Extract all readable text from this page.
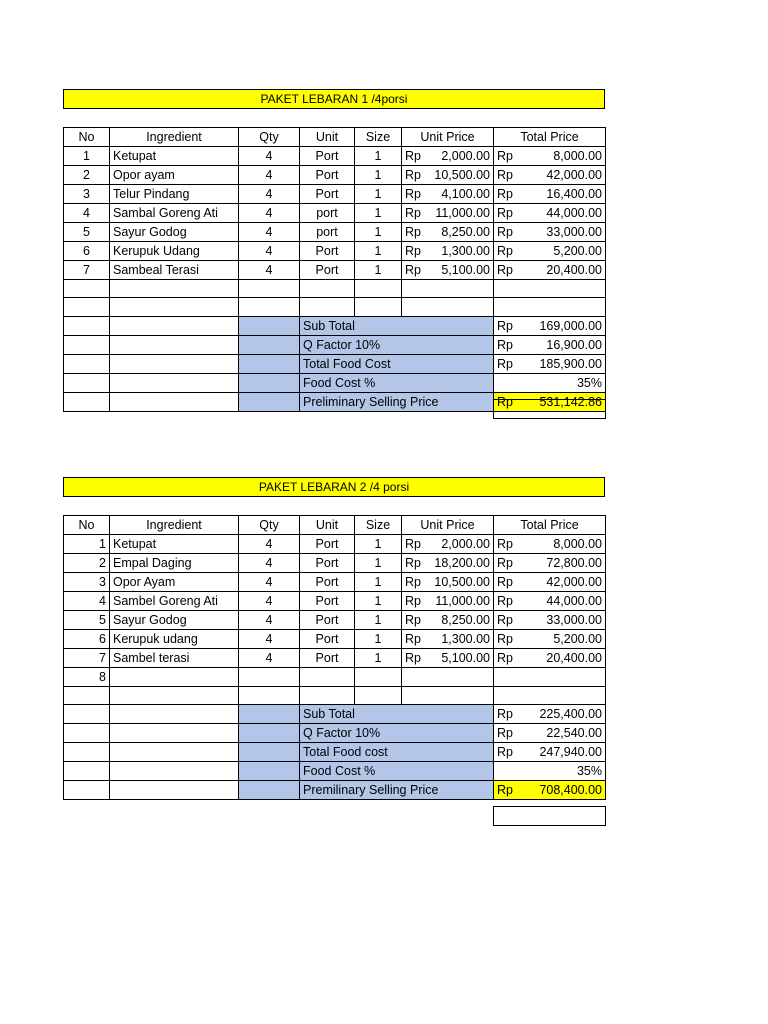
PAKET LEBARAN 1 /4porsi
No	Ingredient	Qty	Unit	Size	Unit Price	Total Price
1	Ketupat	4	Port	1	Rp 2,000.00	Rp 8,000.00

2	Opor ayam	4	Port	1	Rp 10,500.00	Rp 42,000.00

3	Telur Pindang	4	Port	1	Rp 4,100.00	Rp 16,400.00

4	Sambal Goreng Ati	4	port	1	Rp 11,000.00	Rp 44,000.00

5	Sayur Godog	4	port	1	Rp 8,250.00	Rp 33,000.00

6	Kerupuk Udang	4	Port	1	Rp 1,300.00	Rp 5,200.00

7	Sambeal Terasi	4	Port	1	Rp 5,100.00	Rp 20,400.00

			Sub Total			Rp 169,000.00

			Q Factor 10%			Rp 16,900.00

			Total Food Cost			Rp 185,900.00

			Food Cost %			35%
			Preliminary Selling Price			Rp 531,142.86
PAKET LEBARAN 2 /4 porsi
No	Ingredient	Qty	Unit	Size	Unit Price	Total Price
1	Ketupat	4	Port	1	Rp 2,000.00	Rp 8,000.00

2	Empal Daging	4	Port	1	Rp 18,200.00	Rp 72,800.00

3	Opor Ayam	4	Port	1	Rp 10,500.00	Rp 42,000.00

4	Sambel Goreng Ati	4	Port	1	Rp 11,000.00	Rp 44,000.00

5	Sayur Godog	4	Port	1	Rp 8,250.00	Rp 33,000.00

6	Kerupuk udang	4	Port	1	Rp 1,300.00	Rp 5,200.00

7	Sambel terasi	4	Port	1	Rp 5,100.00	Rp 20,400.00

8						

			Sub Total			Rp 225,400.00

			Q Factor 10%			Rp 22,540.00

			Total Food cost			Rp 247,940.00

			Food Cost %			35%
			Premilinary Selling Price			Rp 708,400.00
